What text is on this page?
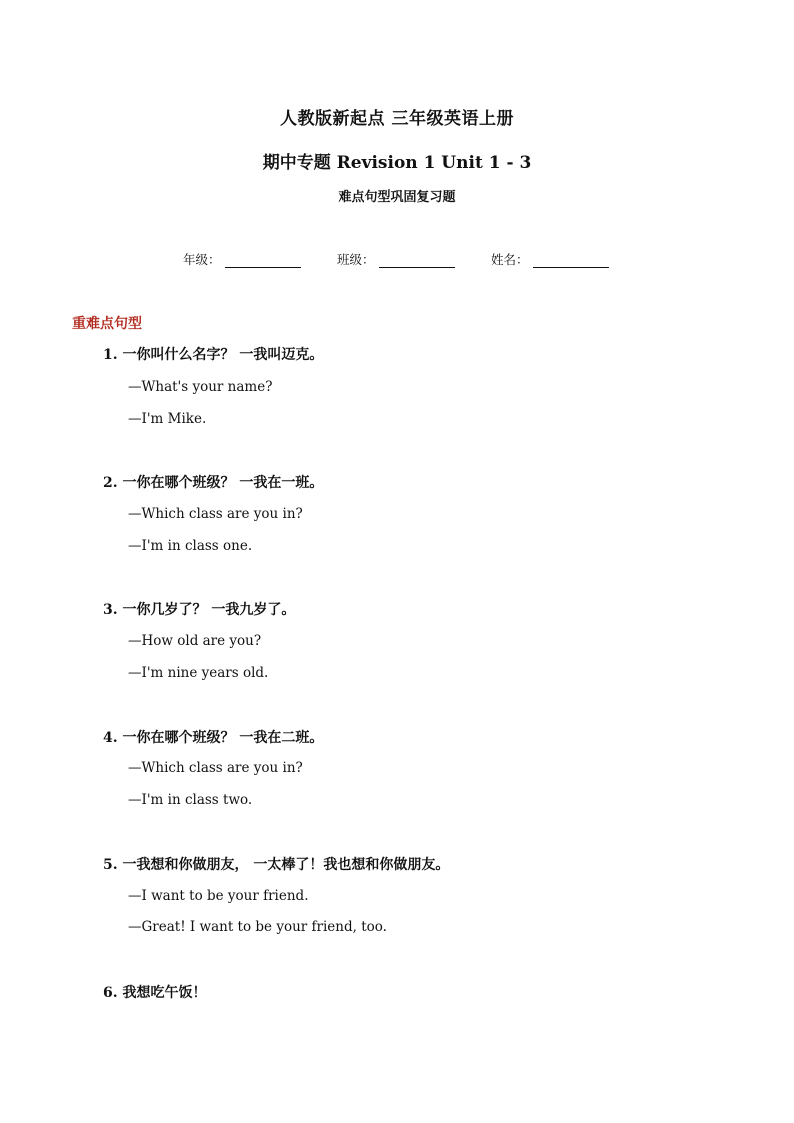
人教版新起点 三年级英语上册
期中专题 Revision 1 Unit 1 - 3
难点句型巩固复习题
年级：	班级：	姓名：
重难点句型
1. 一你叫什么名字？ 一我叫迈克。
—What's your name?
—I'm Mike.
2. 一你在哪个班级？ 一我在一班。
—Which class are you in?
—I'm in class one.
3. 一你几岁了？ 一我九岁了。
—How old are you?
—I'm nine years old.
4. 一你在哪个班级？ 一我在二班。
—Which class are you in?
—I'm in class two.
5. 一我想和你做朋友， 一太棒了！我也想和你做朋友。
—I want to be your friend.
—Great! I want to be your friend, too.
6. 我想吃午饭！
